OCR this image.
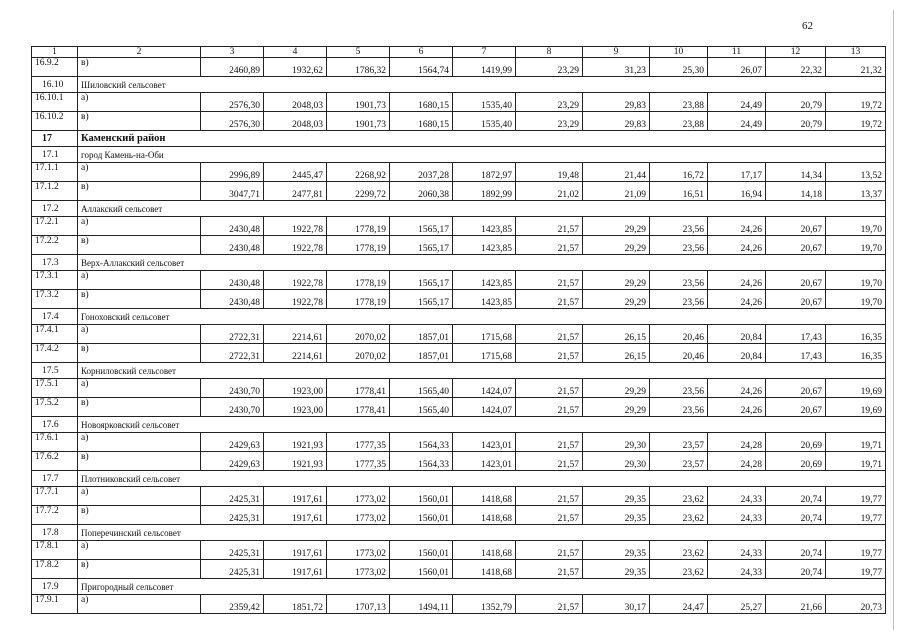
62
1	2	3	4	5	6	7	8	9	10	11	12	13
16.9.2	в)	2460,89	1932,62	1786,32	1564,74	1419,99	23,29	31,23	25,30	26,07	22,32	21,32
16.10	Шиловский сельсовет											
16.10.1	а)	2576,30	2048,03	1901,73	1680,15	1535,40	23,29	29,83	23,88	24,49	20,79	19,72
16.10.2	в)	2576,30	2048,03	1901,73	1680,15	1535,40	23,29	29,83	23,88	24,49	20,79	19,72
17	Каменский район											
17.1	город Камень-на-Оби											
17.1.1	а)	2996,89	2445,47	2268,92	2037,28	1872,97	19,48	21,44	16,72	17,17	14,34	13,52
17.1.2	в)	3047,71	2477,81	2299,72	2060,38	1892,99	21,02	21,09	16,51	16,94	14,18	13,37
17.2	Аллакский сельсовет											
17.2.1	а)	2430,48	1922,78	1778,19	1565,17	1423,85	21,57	29,29	23,56	24,26	20,67	19,70
17.2.2	в)	2430,48	1922,78	1778,19	1565,17	1423,85	21,57	29,29	23,56	24,26	20,67	19,70
17.3	Верх-Аллакский сельсовет											
17.3.1	а)	2430,48	1922,78	1778,19	1565,17	1423,85	21,57	29,29	23,56	24,26	20,67	19,70
17.3.2	в)	2430,48	1922,78	1778,19	1565,17	1423,85	21,57	29,29	23,56	24,26	20,67	19,70
17.4	Гоноховский сельсовет											
17.4.1	а)	2722,31	2214,61	2070,02	1857,01	1715,68	21,57	26,15	20,46	20,84	17,43	16,35
17.4.2	в)	2722,31	2214,61	2070,02	1857,01	1715,68	21,57	26,15	20,46	20,84	17,43	16,35
17.5	Корниловский сельсовет											
17.5.1	а)	2430,70	1923,00	1778,41	1565,40	1424,07	21,57	29,29	23,56	24,26	20,67	19,69
17.5.2	в)	2430,70	1923,00	1778,41	1565,40	1424,07	21,57	29,29	23,56	24,26	20,67	19,69
17.6	Новоярковский сельсовет											
17.6.1	а)	2429,63	1921,93	1777,35	1564,33	1423,01	21,57	29,30	23,57	24,28	20,69	19,71
17.6.2	в)	2429,63	1921,93	1777,35	1564,33	1423,01	21,57	29,30	23,57	24,28	20,69	19,71
17.7	Плотниковский сельсовет											
17.7.1	а)	2425,31	1917,61	1773,02	1560,01	1418,68	21,57	29,35	23,62	24,33	20,74	19,77
17.7.2	в)	2425,31	1917,61	1773,02	1560,01	1418,68	21,57	29,35	23,62	24,33	20,74	19,77
17.8	Поперечинский сельсовет											
17.8.1	а)	2425,31	1917,61	1773,02	1560,01	1418,68	21,57	29,35	23,62	24,33	20,74	19,77
17.8.2	в)	2425,31	1917,61	1773,02	1560,01	1418,68	21,57	29,35	23,62	24,33	20,74	19,77
17.9	Пригородный сельсовет											
17.9.1	а)	2359,42	1851,72	1707,13	1494,11	1352,79	21,57	30,17	24,47	25,27	21,66	20,73
